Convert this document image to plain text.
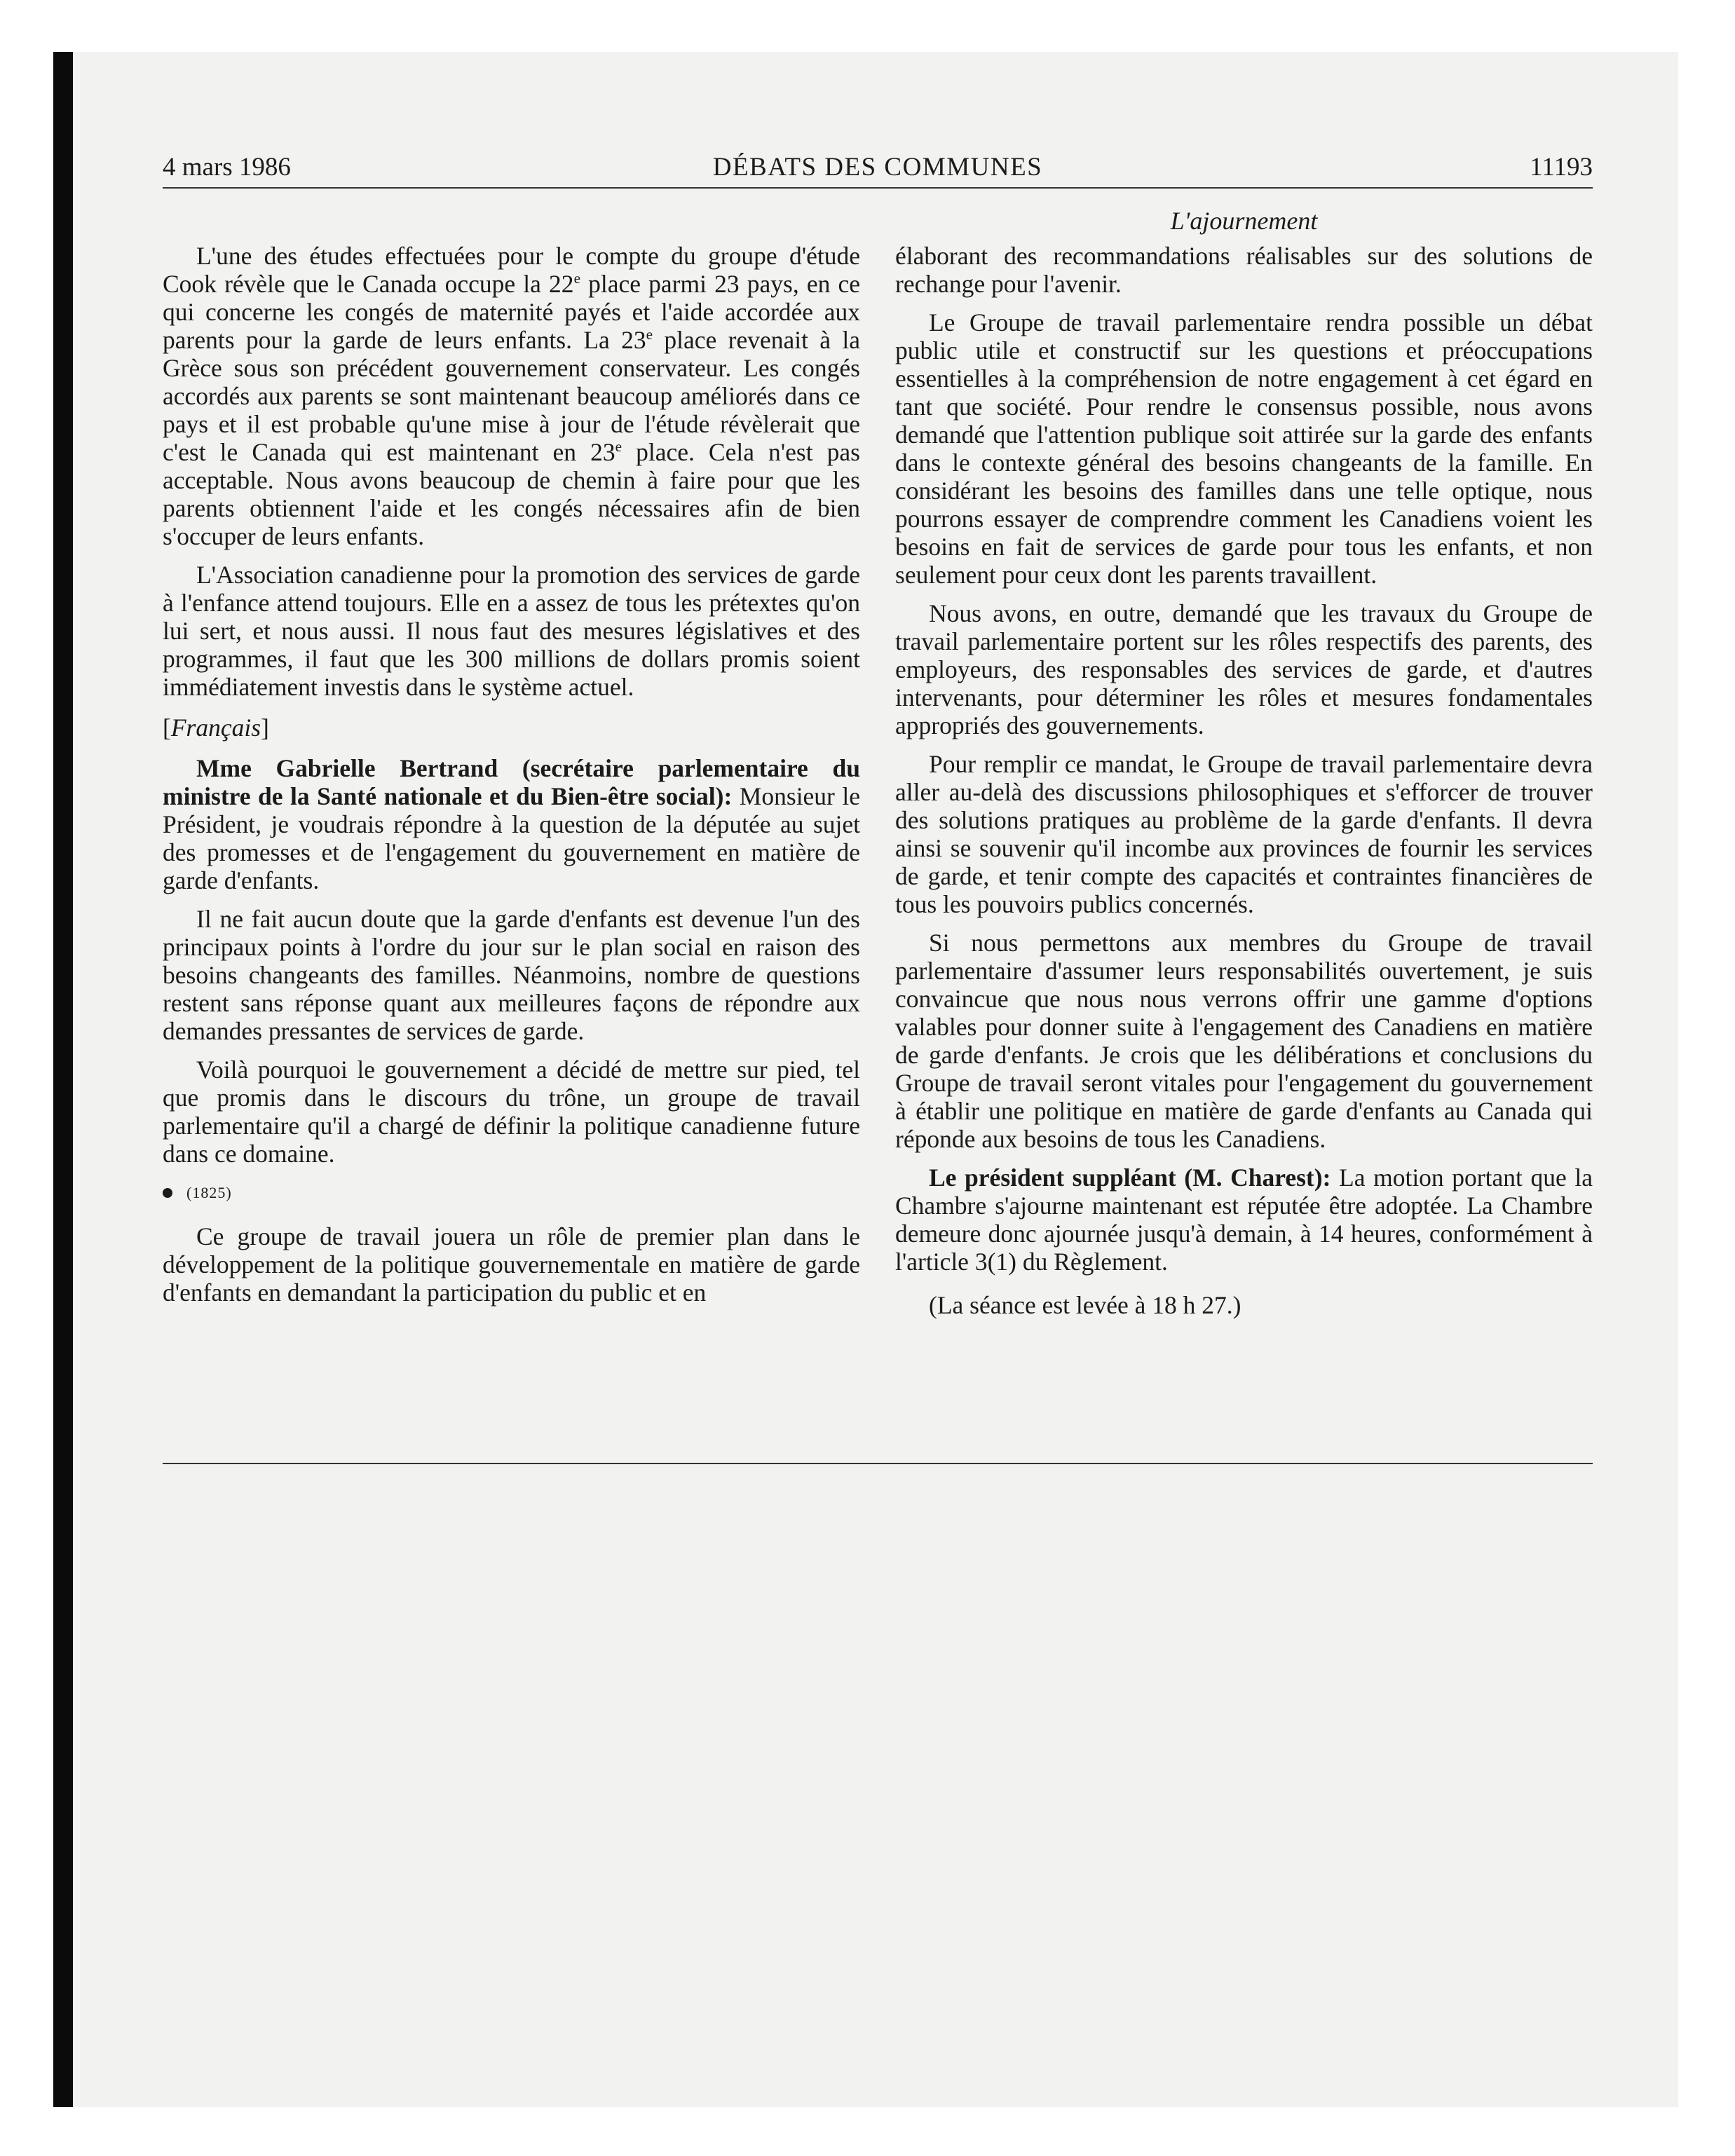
4 mars 1986	DÉBATS DES COMMUNES	11193
L'ajournement

L'une des études effectuées pour le compte du groupe d'étude Cook révèle que le Canada occupe la 22e place parmi 23 pays, en ce qui concerne les congés de maternité payés et l'aide accordée aux parents pour la garde de leurs enfants. La 23e place revenait à la Grèce sous son précédent gouvernement conservateur. Les congés accordés aux parents se sont maintenant beaucoup améliorés dans ce pays et il est probable qu'une mise à jour de l'étude révèlerait que c'est le Canada qui est maintenant en 23e place. Cela n'est pas acceptable. Nous avons beaucoup de chemin à faire pour que les parents obtiennent l'aide et les congés nécessaires afin de bien s'occuper de leurs enfants.

L'Association canadienne pour la promotion des services de garde à l'enfance attend toujours. Elle en a assez de tous les prétextes qu'on lui sert, et nous aussi. Il nous faut des mesures législatives et des programmes, il faut que les 300 millions de dollars promis soient immédiatement investis dans le système actuel.

[Français]

Mme Gabrielle Bertrand (secrétaire parlementaire du ministre de la Santé nationale et du Bien-être social): Monsieur le Président, je voudrais répondre à la question de la députée au sujet des promesses et de l'engagement du gouvernement en matière de garde d'enfants.

Il ne fait aucun doute que la garde d'enfants est devenue l'un des principaux points à l'ordre du jour sur le plan social en raison des besoins changeants des familles. Néanmoins, nombre de questions restent sans réponse quant aux meilleures façons de répondre aux demandes pressantes de services de garde.

Voilà pourquoi le gouvernement a décidé de mettre sur pied, tel que promis dans le discours du trône, un groupe de travail parlementaire qu'il a chargé de définir la politique canadienne future dans ce domaine.

(1825)

Ce groupe de travail jouera un rôle de premier plan dans le développement de la politique gouvernementale en matière de garde d'enfants en demandant la participation du public et en

élaborant des recommandations réalisables sur des solutions de rechange pour l'avenir.

Le Groupe de travail parlementaire rendra possible un débat public utile et constructif sur les questions et préoccupations essentielles à la compréhension de notre engagement à cet égard en tant que société. Pour rendre le consensus possible, nous avons demandé que l'attention publique soit attirée sur la garde des enfants dans le contexte général des besoins changeants de la famille. En considérant les besoins des familles dans une telle optique, nous pourrons essayer de comprendre comment les Canadiens voient les besoins en fait de services de garde pour tous les enfants, et non seulement pour ceux dont les parents travaillent.

Nous avons, en outre, demandé que les travaux du Groupe de travail parlementaire portent sur les rôles respectifs des parents, des employeurs, des responsables des services de garde, et d'autres intervenants, pour déterminer les rôles et mesures fondamentales appropriés des gouvernements.

Pour remplir ce mandat, le Groupe de travail parlementaire devra aller au-delà des discussions philosophiques et s'efforcer de trouver des solutions pratiques au problème de la garde d'enfants. Il devra ainsi se souvenir qu'il incombe aux provinces de fournir les services de garde, et tenir compte des capacités et contraintes financières de tous les pouvoirs publics concernés.

Si nous permettons aux membres du Groupe de travail parlementaire d'assumer leurs responsabilités ouvertement, je suis convaincue que nous nous verrons offrir une gamme d'options valables pour donner suite à l'engagement des Canadiens en matière de garde d'enfants. Je crois que les délibérations et conclusions du Groupe de travail seront vitales pour l'engagement du gouvernement à établir une politique en matière de garde d'enfants au Canada qui réponde aux besoins de tous les Canadiens.

Le président suppléant (M. Charest): La motion portant que la Chambre s'ajourne maintenant est réputée être adoptée. La Chambre demeure donc ajournée jusqu'à demain, à 14 heures, conformément à l'article 3(1) du Règlement.

(La séance est levée à 18 h 27.)
